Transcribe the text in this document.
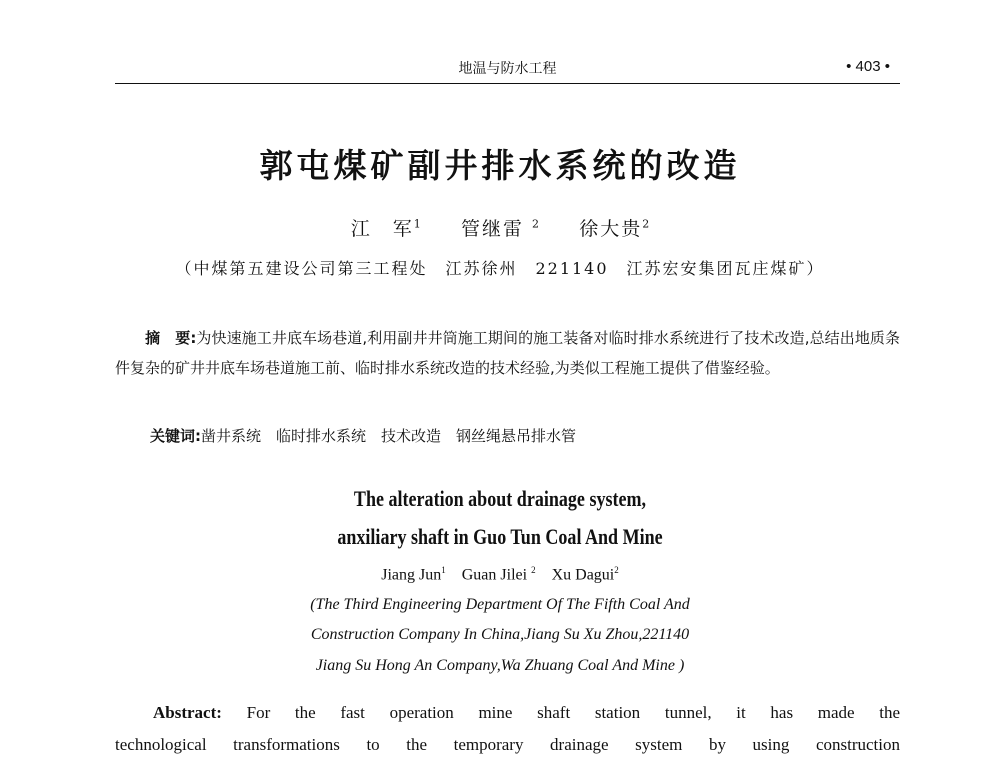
地温与防水工程	• 403 •
郭屯煤矿副井排水系统的改造
江　军$^1$ 管继雷 $^2$ 徐大贵$^2$
（中煤第五建设公司第三工程处　江苏徐州　221140　江苏宏安集团瓦庄煤矿）
摘　要:为快速施工井底车场巷道,利用副井井筒施工期间的施工装备对临时排水系统进行了技术改造,总结出地质条件复杂的矿井井底车场巷道施工前、临时排水系统改造的技术经验,为类似工程施工提供了借鉴经验。
关键词:凿井系统　临时排水系统　技术改造　钢丝绳悬吊排水管
The alteration about drainage system,
anxiliary shaft in Guo Tun Coal And Mine
Jiang Jun$^1$ Guan Jilei $^2$ Xu Dagui$^2$
(The Third Engineering Department Of The Fifth Coal And
Construction Company In China,Jiang Su Xu Zhou,221140
Jiang Su Hong An Company,Wa Zhuang Coal And Mine )
Abstract: For the fast operation mine shaft station tunnel, it has made the
technological transformations to the temporary drainage system by using construction
